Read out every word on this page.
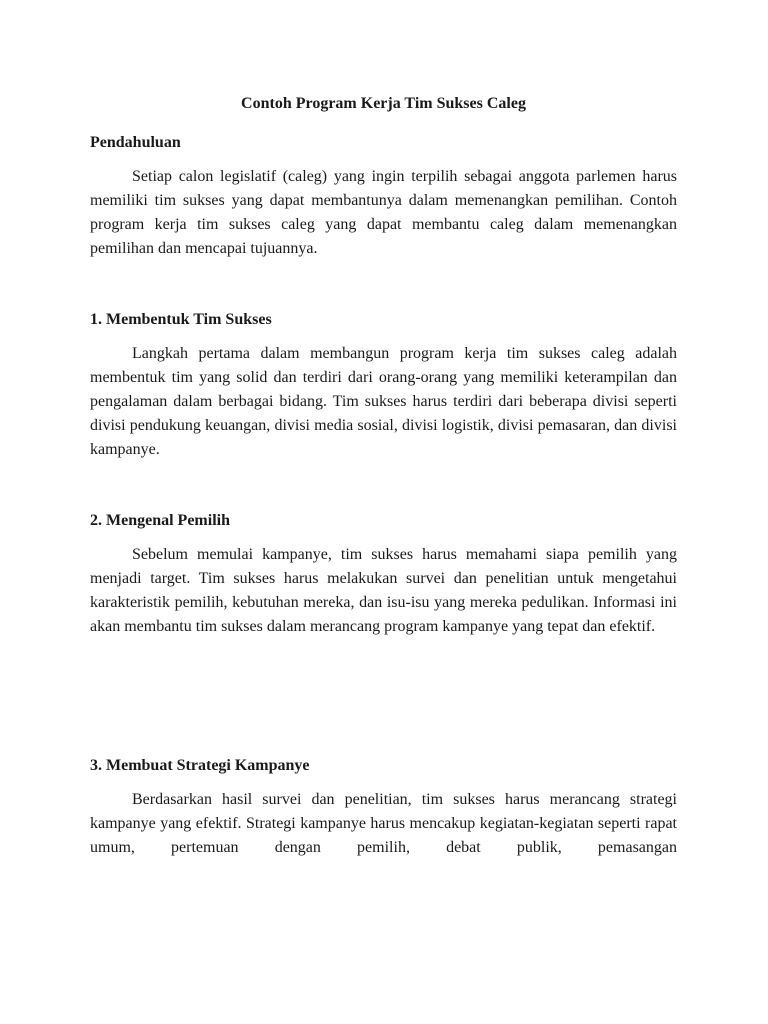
Contoh Program Kerja Tim Sukses Caleg

Pendahuluan

Setiap calon legislatif (caleg) yang ingin terpilih sebagai anggota parlemen harus memiliki tim sukses yang dapat membantunya dalam memenangkan pemilihan. Contoh program kerja tim sukses caleg yang dapat membantu caleg dalam memenangkan pemilihan dan mencapai tujuannya.

1. Membentuk Tim Sukses

Langkah pertama dalam membangun program kerja tim sukses caleg adalah membentuk tim yang solid dan terdiri dari orang-orang yang memiliki keterampilan dan pengalaman dalam berbagai bidang. Tim sukses harus terdiri dari beberapa divisi seperti divisi pendukung keuangan, divisi media sosial, divisi logistik, divisi pemasaran, dan divisi kampanye.

2. Mengenal Pemilih

Sebelum memulai kampanye, tim sukses harus memahami siapa pemilih yang menjadi target. Tim sukses harus melakukan survei dan penelitian untuk mengetahui karakteristik pemilih, kebutuhan mereka, dan isu-isu yang mereka pedulikan. Informasi ini akan membantu tim sukses dalam merancang program kampanye yang tepat dan efektif.

3. Membuat Strategi Kampanye

Berdasarkan hasil survei dan penelitian, tim sukses harus merancang strategi kampanye yang efektif. Strategi kampanye harus mencakup kegiatan-kegiatan seperti rapat umum, pertemuan dengan pemilih, debat publik, pemasangan
